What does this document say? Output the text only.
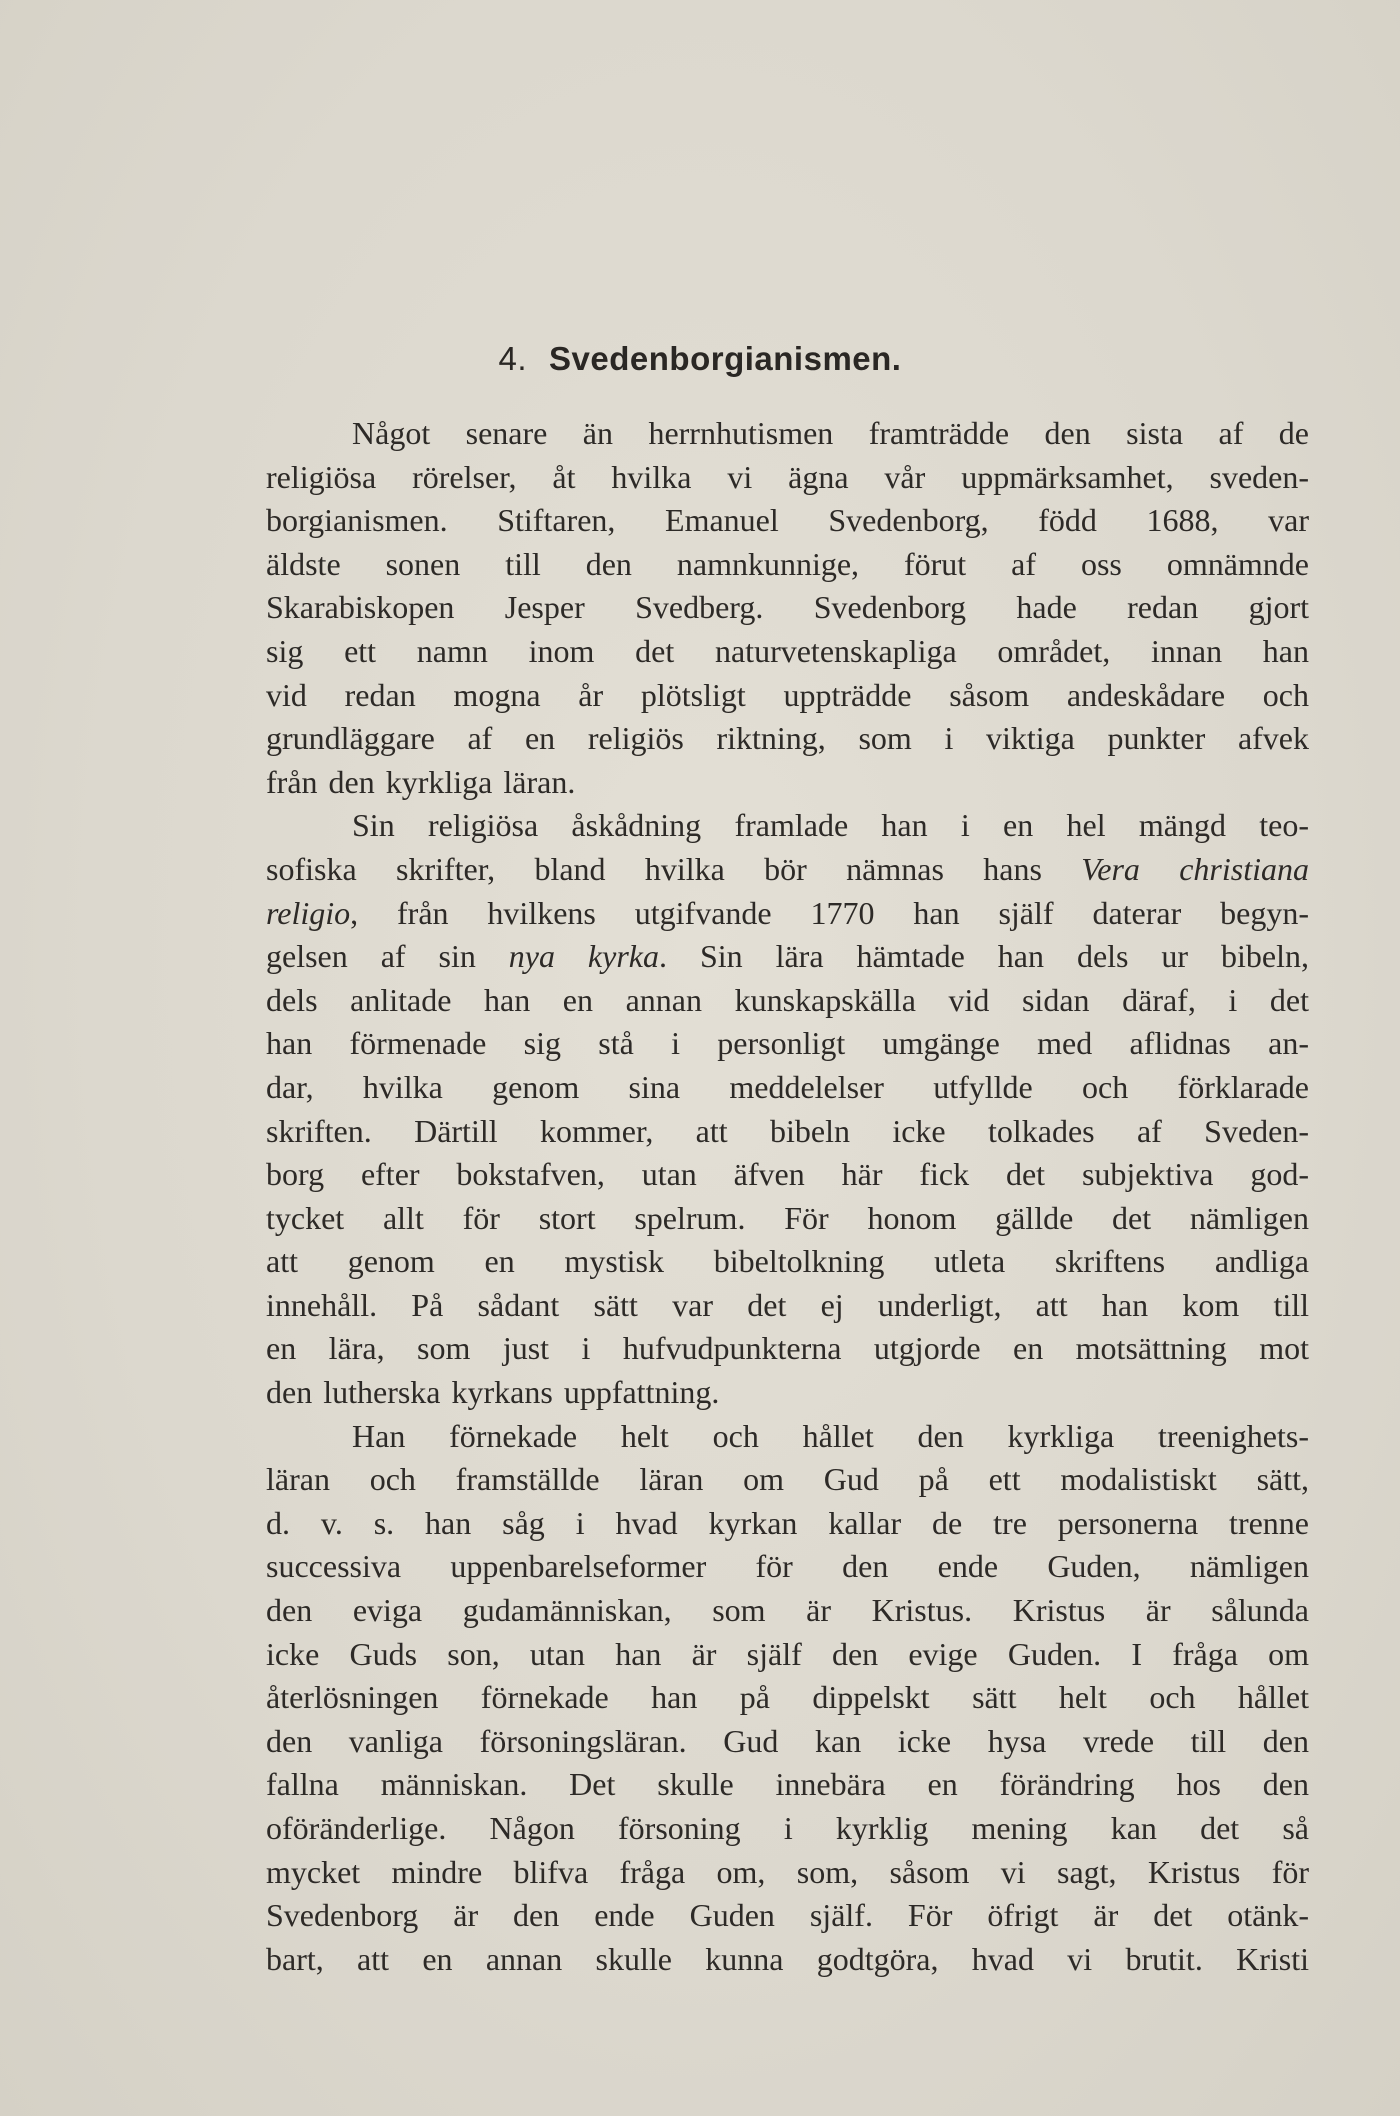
4. Svedenborgianismen.
Något senare än herrnhutismen framträdde den sista af de
religiösa rörelser, åt hvilka vi ägna vår uppmärksamhet, sveden-
borgianismen. Stiftaren, Emanuel Svedenborg, född 1688, var
äldste sonen till den namnkunnige, förut af oss omnämnde
Skarabiskopen Jesper Svedberg. Svedenborg hade redan gjort
sig ett namn inom det naturvetenskapliga området, innan han
vid redan mogna år plötsligt uppträdde såsom andeskådare och
grundläggare af en religiös riktning, som i viktiga punkter afvek
från den kyrkliga läran.
Sin religiösa åskådning framlade han i en hel mängd teo-
sofiska skrifter, bland hvilka bör nämnas hans Vera christiana
religio, från hvilkens utgifvande 1770 han själf daterar begyn-
gelsen af sin nya kyrka. Sin lära hämtade han dels ur bibeln,
dels anlitade han en annan kunskapskälla vid sidan däraf, i det
han förmenade sig stå i personligt umgänge med aflidnas an-
dar, hvilka genom sina meddelelser utfyllde och förklarade
skriften. Därtill kommer, att bibeln icke tolkades af Sveden-
borg efter bokstafven, utan äfven här fick det subjektiva god-
tycket allt för stort spelrum. För honom gällde det nämligen
att genom en mystisk bibeltolkning utleta skriftens andliga
innehåll. På sådant sätt var det ej underligt, att han kom till
en lära, som just i hufvudpunkterna utgjorde en motsättning mot
den lutherska kyrkans uppfattning.
Han förnekade helt och hållet den kyrkliga treenighets-
läran och framställde läran om Gud på ett modalistiskt sätt,
d. v. s. han såg i hvad kyrkan kallar de tre personerna trenne
successiva uppenbarelseformer för den ende Guden, nämligen
den eviga gudamänniskan, som är Kristus. Kristus är sålunda
icke Guds son, utan han är själf den evige Guden. I fråga om
återlösningen förnekade han på dippelskt sätt helt och hållet
den vanliga försoningsläran. Gud kan icke hysa vrede till den
fallna människan. Det skulle innebära en förändring hos den
oföränderlige. Någon försoning i kyrklig mening kan det så
mycket mindre blifva fråga om, som, såsom vi sagt, Kristus för
Svedenborg är den ende Guden själf. För öfrigt är det otänk-
bart, att en annan skulle kunna godtgöra, hvad vi brutit. Kristi
